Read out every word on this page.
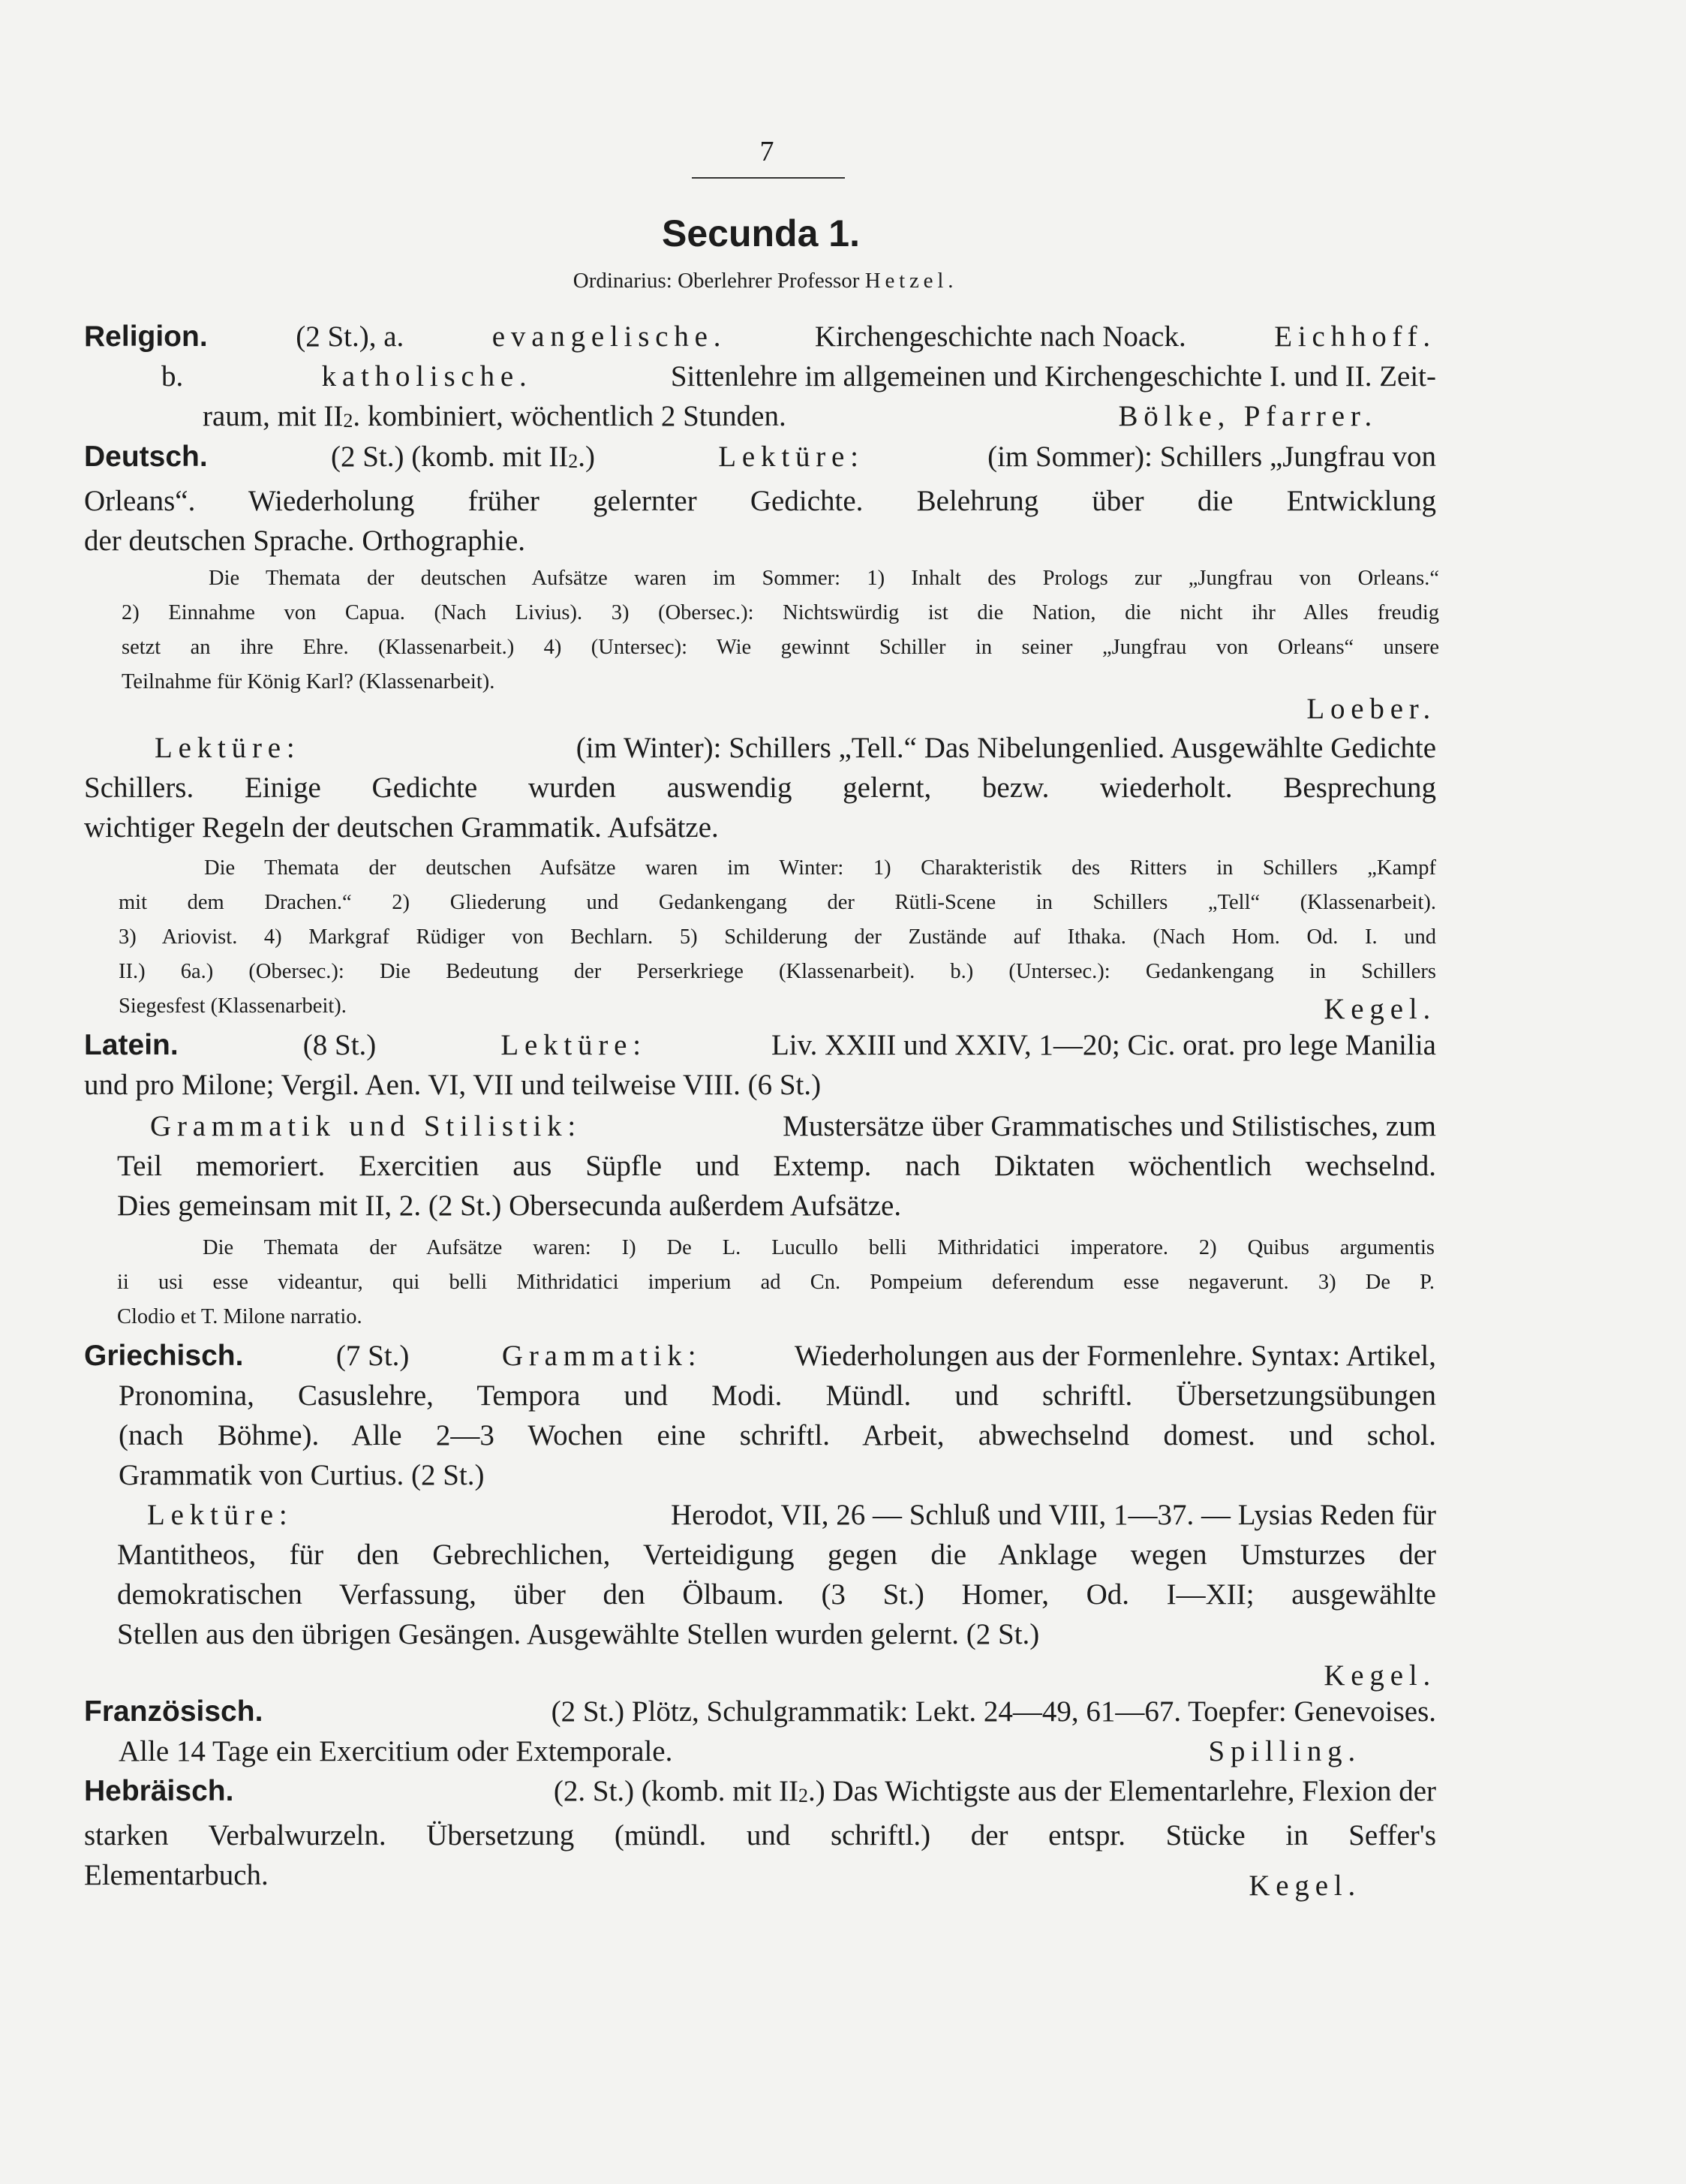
7
Secunda 1.
Ordinarius: Oberlehrer Professor Hetzel.
Religion.	(2 St.), a.	evangelische.	Kirchengeschichte nach Noack.	Eichhoff.
b.	katholische.	Sittenlehre im allgemeinen und Kirchengeschichte I. und II. Zeit-
raum, mit II2. kombiniert, wöchentlich 2 Stunden.	Bölke, Pfarrer.
Deutsch.	(2 St.) (komb. mit II2.)	Lektüre:	(im Sommer): Schillers „Jungfrau von
Orleans“. Wiederholung früher gelernter Gedichte. Belehrung über die Entwicklung
der deutschen Sprache. Orthographie.
Die Themata der deutschen Aufsätze waren im Sommer: 1) Inhalt des Prologs zur „Jungfrau von Orleans.“
2) Einnahme von Capua. (Nach Livius). 3) (Obersec.): Nichtswürdig ist die Nation, die nicht ihr Alles freudig
setzt an ihre Ehre. (Klassenarbeit.) 4) (Untersec): Wie gewinnt Schiller in seiner „Jungfrau von Orleans“ unsere
Teilnahme für König Karl? (Klassenarbeit).
Loeber.
Lektüre:	(im Winter): Schillers „Tell.“ Das Nibelungenlied. Ausgewählte Gedichte
Schillers. Einige Gedichte wurden auswendig gelernt, bezw. wiederholt. Besprechung
wichtiger Regeln der deutschen Grammatik. Aufsätze.
Die Themata der deutschen Aufsätze waren im Winter: 1) Charakteristik des Ritters in Schillers „Kampf
mit dem Drachen.“ 2) Gliederung und Gedankengang der Rütli-Scene in Schillers „Tell“ (Klassenarbeit).
3) Ariovist. 4) Markgraf Rüdiger von Bechlarn. 5) Schilderung der Zustände auf Ithaka. (Nach Hom. Od. I. und
II.) 6a.) (Obersec.): Die Bedeutung der Perserkriege (Klassenarbeit). b.) (Untersec.): Gedankengang in Schillers
Siegesfest (Klassenarbeit).	Kegel.
Latein.	(8 St.)	Lektüre:	Liv. XXIII und XXIV, 1—20; Cic. orat. pro lege Manilia
und pro Milone; Vergil. Aen. VI, VII und teilweise VIII. (6 St.)
Grammatik und Stilistik:	Mustersätze über Grammatisches und Stilistisches, zum
Teil memoriert. Exercitien aus Süpfle und Extemp. nach Diktaten wöchentlich wechselnd.
Dies gemeinsam mit II, 2. (2 St.) Obersecunda außerdem Aufsätze.
Die Themata der Aufsätze waren: I) De L. Lucullo belli Mithridatici imperatore. 2) Quibus argumentis
ii usi esse videantur, qui belli Mithridatici imperium ad Cn. Pompeium deferendum esse negaverunt. 3) De P.
Clodio et T. Milone narratio.
Griechisch.	(7 St.)	Grammatik:	Wiederholungen aus der Formenlehre. Syntax: Artikel,
Pronomina, Casuslehre, Tempora und Modi. Mündl. und schriftl. Übersetzungsübungen
(nach Böhme). Alle 2—3 Wochen eine schriftl. Arbeit, abwechselnd domest. und schol.
Grammatik von Curtius. (2 St.)
Lektüre:	Herodot, VII, 26 — Schluß und VIII, 1—37. — Lysias Reden für
Mantitheos, für den Gebrechlichen, Verteidigung gegen die Anklage wegen Umsturzes der
demokratischen Verfassung, über den Ölbaum. (3 St.) Homer, Od. I—XII; ausgewählte
Stellen aus den übrigen Gesängen. Ausgewählte Stellen wurden gelernt. (2 St.)
Kegel.
Französisch.	(2 St.) Plötz, Schulgrammatik: Lekt. 24—49, 61—67. Toepfer: Genevoises.
Alle 14 Tage ein Exercitium oder Extemporale.	Spilling.
Hebräisch.	(2. St.) (komb. mit II2.) Das Wichtigste aus der Elementarlehre, Flexion der
starken Verbalwurzeln. Übersetzung (mündl. und schriftl.) der entspr. Stücke in Seffer's
Elementarbuch.	Kegel.
